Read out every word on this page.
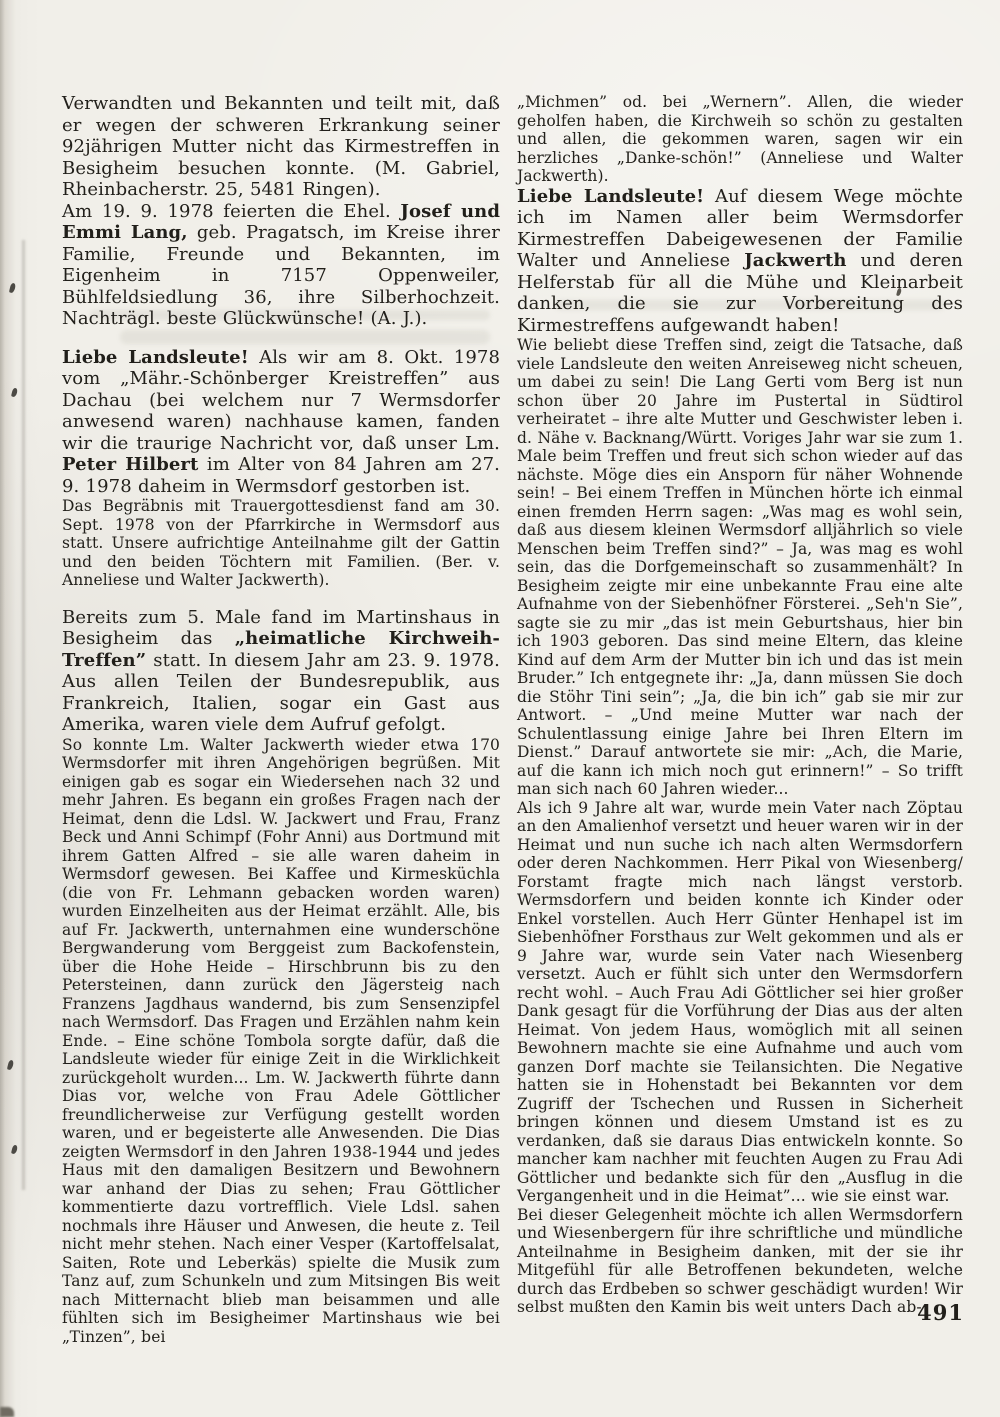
Verwandten und Bekannten und teilt mit, daß er wegen der schweren Erkrankung seiner 92jährigen Mutter nicht das Kirmestreffen in Besigheim besuchen konnte. (M. Gabriel, Rheinbacherstr. 25, 5481 Ringen).

Am 19. 9. 1978 feierten die Ehel. Josef und Emmi Lang, geb. Pragatsch, im Kreise ihrer Familie, Freunde und Bekannten, im Eigenheim in 7157 Oppenweiler, Bühlfeldsiedlung 36, ihre Silberhochzeit. Nachträgl. beste Glückwünsche! (A. J.).

Liebe Landsleute! Als wir am 8. Okt. 1978 vom „Mähr.-Schönberger Kreistreffen” aus Dachau (bei welchem nur 7 Wermsdorfer anwesend waren) nachhause kamen, fanden wir die traurige Nachricht vor, daß unser Lm. Peter Hilbert im Alter von 84 Jahren am 27. 9. 1978 daheim in Wermsdorf gestorben ist.

Das Begräbnis mit Trauergottesdienst fand am 30. Sept. 1978 von der Pfarrkirche in Wermsdorf aus statt. Unsere aufrichtige Anteilnahme gilt der Gattin und den beiden Töchtern mit Familien. (Ber. v. Anneliese und Walter Jackwerth).

Bereits zum 5. Male fand im Martinshaus in Besigheim das „heimatliche Kirchweih-Treffen” statt. In diesem Jahr am 23. 9. 1978. Aus allen Teilen der Bundesrepublik, aus Frankreich, Italien, sogar ein Gast aus Amerika, waren viele dem Aufruf gefolgt.

So konnte Lm. Walter Jackwerth wieder etwa 170 Wermsdorfer mit ihren Angehörigen begrüßen. Mit einigen gab es sogar ein Wiedersehen nach 32 und mehr Jahren. Es begann ein großes Fragen nach der Heimat, denn die Ldsl. W. Jackwert und Frau, Franz Beck und Anni Schimpf (Fohr Anni) aus Dortmund mit ihrem Gatten Alfred – sie alle waren daheim in Wermsdorf gewesen. Bei Kaffee und Kirmesküchla (die von Fr. Lehmann gebacken worden waren) wurden Einzelheiten aus der Heimat erzählt. Alle, bis auf Fr. Jackwerth, unternahmen eine wunderschöne Bergwanderung vom Berggeist zum Backofenstein, über die Hohe Heide – Hirschbrunn bis zu den Petersteinen, dann zurück den Jägersteig nach Franzens Jagdhaus wandernd, bis zum Sensenzipfel nach Wermsdorf. Das Fragen und Erzählen nahm kein Ende. – Eine schöne Tombola sorgte dafür, daß die Landsleute wieder für einige Zeit in die Wirklichkeit zurückgeholt wurden... Lm. W. Jackwerth führte dann Dias vor, welche von Frau Adele Göttlicher freundlicherweise zur Verfügung gestellt worden waren, und er begeisterte alle Anwesenden. Die Dias zeigten Wermsdorf in den Jahren 1938-1944 und jedes Haus mit den damaligen Besitzern und Bewohnern war anhand der Dias zu sehen; Frau Göttlicher kommentierte dazu vortrefflich. Viele Ldsl. sahen nochmals ihre Häuser und Anwesen, die heute z. Teil nicht mehr stehen. Nach einer Vesper (Kartoffelsalat, Saiten, Rote und Leberkäs) spielte die Musik zum Tanz auf, zum Schunkeln und zum Mitsingen Bis weit nach Mitternacht blieb man beisammen und alle fühlten sich im Besigheimer Martinshaus wie bei „Tinzen”, bei

„Michmen” od. bei „Wernern”. Allen, die wieder geholfen haben, die Kirchweih so schön zu gestalten und allen, die gekommen waren, sagen wir ein herzliches „Danke-schön!” (Anneliese und Walter Jackwerth).

Liebe Landsleute! Auf diesem Wege möchte ich im Namen aller beim Wermsdorfer Kirmestreffen Dabeigewesenen der Familie Walter und Anneliese Jackwerth und deren Helferstab für all die Mühe und Kleinarbeit danken, die sie zur Vorbereitung des Kirmestreffens aufgewandt haben!

Wie beliebt diese Treffen sind, zeigt die Tatsache, daß viele Landsleute den weiten Anreiseweg nicht scheuen, um dabei zu sein! Die Lang Gerti vom Berg ist nun schon über 20 Jahre im Pustertal in Südtirol verheiratet – ihre alte Mutter und Geschwister leben i. d. Nähe v. Backnang/Württ. Voriges Jahr war sie zum 1. Male beim Treffen und freut sich schon wieder auf das nächste. Möge dies ein Ansporn für näher Wohnende sein! – Bei einem Treffen in München hörte ich einmal einen fremden Herrn sagen: „Was mag es wohl sein, daß aus diesem kleinen Wermsdorf alljährlich so viele Menschen beim Treffen sind?” – Ja, was mag es wohl sein, das die Dorfgemeinschaft so zusammenhält? In Besigheim zeigte mir eine unbekannte Frau eine alte Aufnahme von der Siebenhöfner Försterei. „Seh'n Sie”, sagte sie zu mir „das ist mein Geburtshaus, hier bin ich 1903 geboren. Das sind meine Eltern, das kleine Kind auf dem Arm der Mutter bin ich und das ist mein Bruder.” Ich entgegnete ihr: „Ja, dann müssen Sie doch die Stöhr Tini sein”; „Ja, die bin ich” gab sie mir zur Antwort. – „Und meine Mutter war nach der Schulentlassung einige Jahre bei Ihren Eltern im Dienst.” Darauf antwortete sie mir: „Ach, die Marie, auf die kann ich mich noch gut erinnern!” – So trifft man sich nach 60 Jahren wieder...

Als ich 9 Jahre alt war, wurde mein Vater nach Zöptau an den Amalienhof versetzt und heuer waren wir in der Heimat und nun suche ich nach alten Wermsdorfern oder deren Nachkommen. Herr Pikal von Wiesenberg/ Forstamt fragte mich nach längst verstorb. Wermsdorfern und beiden konnte ich Kinder oder Enkel vorstellen. Auch Herr Günter Henhapel ist im Siebenhöfner Forsthaus zur Welt gekommen und als er 9 Jahre war, wurde sein Vater nach Wiesenberg versetzt. Auch er fühlt sich unter den Wermsdorfern recht wohl. – Auch Frau Adi Göttlicher sei hier großer Dank gesagt für die Vorführung der Dias aus der alten Heimat. Von jedem Haus, womöglich mit all seinen Bewohnern machte sie eine Aufnahme und auch vom ganzen Dorf machte sie Teilansichten. Die Negative hatten sie in Hohenstadt bei Bekannten vor dem Zugriff der Tschechen und Russen in Sicherheit bringen können und diesem Umstand ist es zu verdanken, daß sie daraus Dias entwickeln konnte. So mancher kam nachher mit feuchten Augen zu Frau Adi Göttlicher und bedankte sich für den „Ausflug in die Vergangenheit und in die Heimat”... wie sie einst war.

Bei dieser Gelegenheit möchte ich allen Wermsdorfern und Wiesenbergern für ihre schriftliche und mündliche Anteilnahme in Besigheim danken, mit der sie ihr Mitgefühl für alle Betroffenen bekundeten, welche durch das Erdbeben so schwer geschädigt wurden! Wir selbst mußten den Kamin bis weit unters Dach ab-

491
